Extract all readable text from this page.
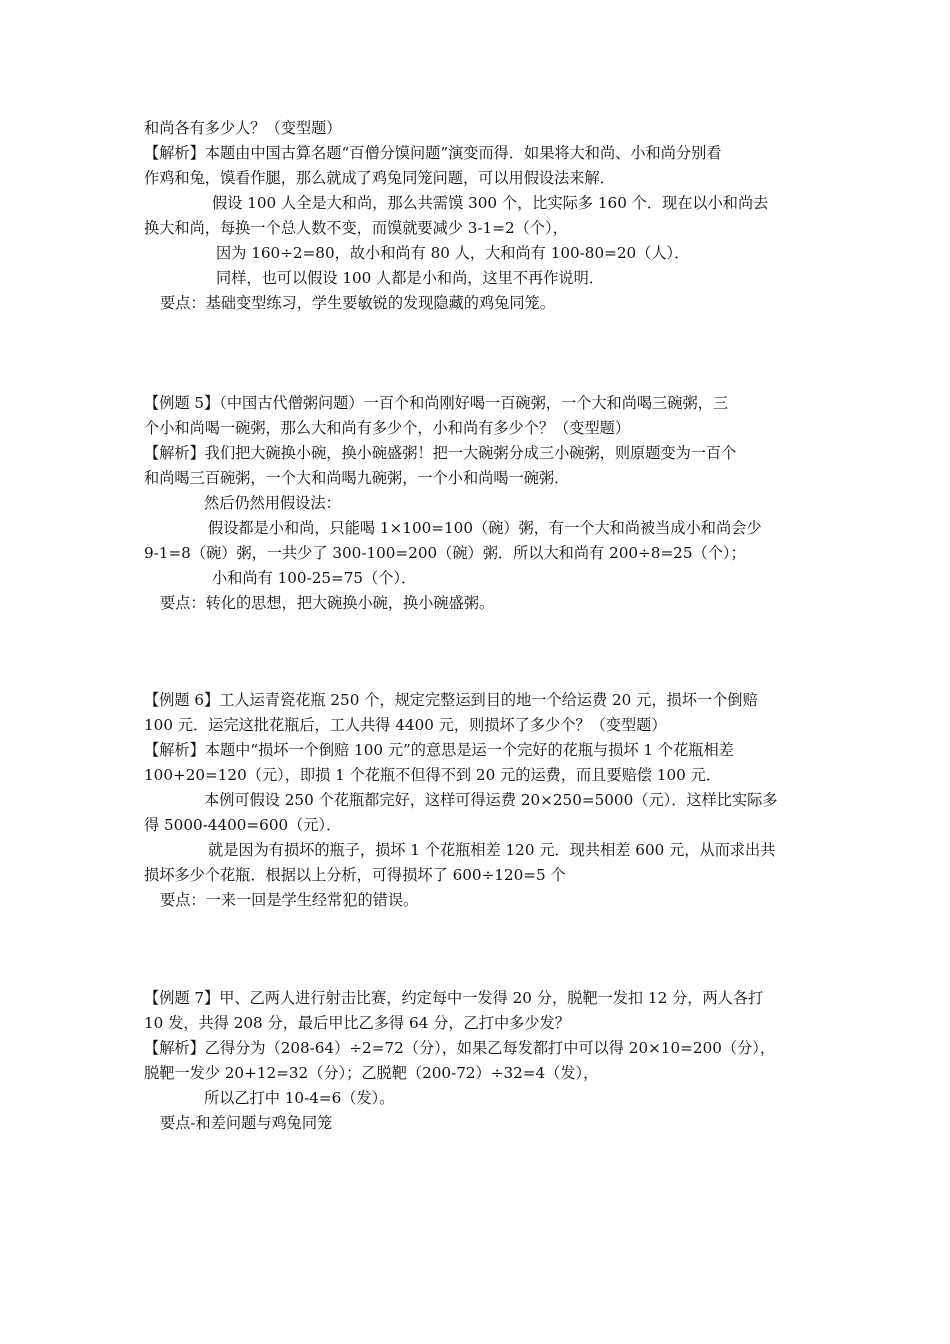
和尚各有多少人？（变型题）
【解析】本题由中国古算名题“百僧分馍问题”演变而得．如果将大和尚、小和尚分别看
作鸡和兔，馍看作腿，那么就成了鸡兔同笼问题，可以用假设法来解．
假设 100 人全是大和尚，那么共需馍 300 个，比实际多 160 个．现在以小和尚去
换大和尚，每换一个总人数不变，而馍就要减少 3-1=2（个），
因为 160÷2=80，故小和尚有 80 人，大和尚有 100-80=20（人）．
同样，也可以假设 100 人都是小和尚，这里不再作说明．
要点：基础变型练习，学生要敏锐的发现隐藏的鸡兔同笼。
【例题 5】（中国古代僧粥问题）一百个和尚刚好喝一百碗粥，一个大和尚喝三碗粥，三
个小和尚喝一碗粥，那么大和尚有多少个，小和尚有多少个？（变型题）
【解析】我们把大碗换小碗，换小碗盛粥！把一大碗粥分成三小碗粥，则原题变为一百个
和尚喝三百碗粥，一个大和尚喝九碗粥，一个小和尚喝一碗粥．
然后仍然用假设法：
假设都是小和尚，只能喝 1×100=100（碗）粥，有一个大和尚被当成小和尚会少
9-1=8（碗）粥，一共少了 300-100=200（碗）粥．所以大和尚有 200÷8=25（个）；
小和尚有 100-25=75（个）．
要点：转化的思想，把大碗换小碗，换小碗盛粥。
【例题 6】工人运青瓷花瓶 250 个，规定完整运到目的地一个给运费 20 元，损坏一个倒赔
100 元．运完这批花瓶后，工人共得 4400 元，则损坏了多少个？（变型题）
【解析】本题中“损坏一个倒赔 100 元”的意思是运一个完好的花瓶与损坏 1 个花瓶相差
100+20=120（元），即损 1 个花瓶不但得不到 20 元的运费，而且要赔偿 100 元．
本例可假设 250 个花瓶都完好，这样可得运费 20×250=5000（元）．这样比实际多
得 5000-4400=600（元）．
就是因为有损坏的瓶子，损坏 1 个花瓶相差 120 元．现共相差 600 元，从而求出共
损坏多少个花瓶．根据以上分析，可得损坏了 600÷120=5 个
要点：一来一回是学生经常犯的错误。
【例题 7】甲、乙两人进行射击比赛，约定每中一发得 20 分，脱靶一发扣 12 分，两人各打
10 发，共得 208 分，最后甲比乙多得 64 分，乙打中多少发？
【解析】乙得分为（208-64）÷2=72（分），如果乙每发都打中可以得 20×10=200（分），
脱靶一发少 20+12=32（分）；乙脱靶（200-72）÷32=4（发），
所以乙打中 10-4=6（发）。
要点-和差问题与鸡兔同笼
